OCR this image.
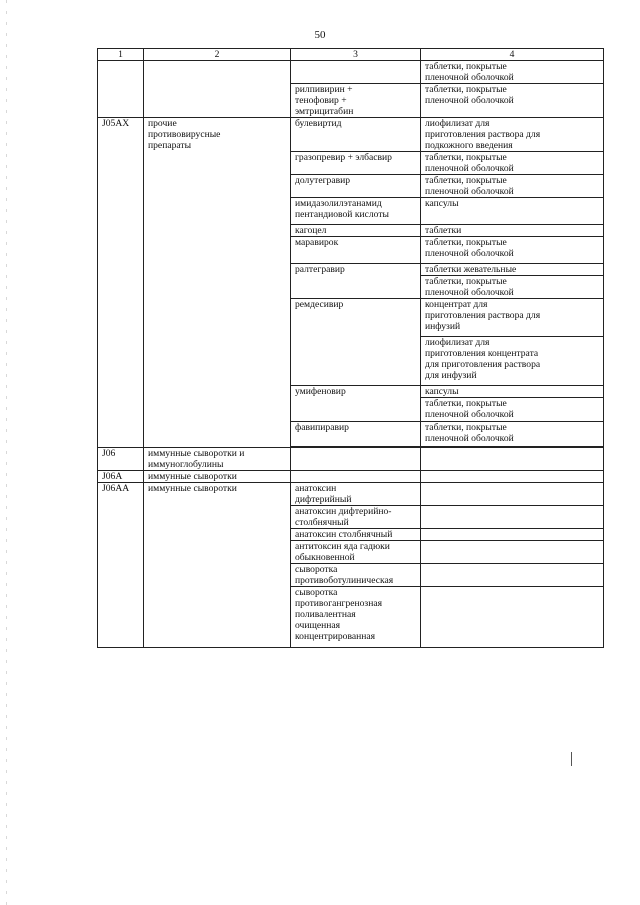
50
1	2	3	4

			таблетки, покрытые
пленочной оболочкой

		рилпивирин +
тенофовир +
эмтрицитабин	таблетки, покрытые
пленочной оболочкой

J05AX	прочие
противовирусные
препараты	булевиртид	лиофилизат для
приготовления раствора для
подкожного введения

		гразопревир + элбасвир	таблетки, покрытые
пленочной оболочкой

		долутегравир	таблетки, покрытые
пленочной оболочкой

		имидазолилэтанамид
пентандиовой кислоты	капсулы

		кагоцел	таблетки

		маравирок	таблетки, покрытые
пленочной оболочкой

		ралтегравир	таблетки жевательные

			таблетки, покрытые
пленочной оболочкой

		ремдесивир	концентрат для
приготовления раствора для
инфузий

			лиофилизат для
приготовления концентрата
для приготовления раствора
для инфузий

		умифеновир	капсулы

			таблетки, покрытые
пленочной оболочкой

		фавипиравир	таблетки, покрытые
пленочной оболочкой

J06	иммунные сыворотки и
иммуноглобулины		

J06A	иммунные сыворотки		

J06AA	иммунные сыворотки	анатоксин
дифтерийный	

		анатоксин дифтерийно-
столбнячный	

		анатоксин столбнячный	

		антитоксин яда гадюки
обыкновенной	

		сыворотка
противоботулиническая	

		сыворотка
противогангренозная
поливалентная
очищенная
концентрированная	
